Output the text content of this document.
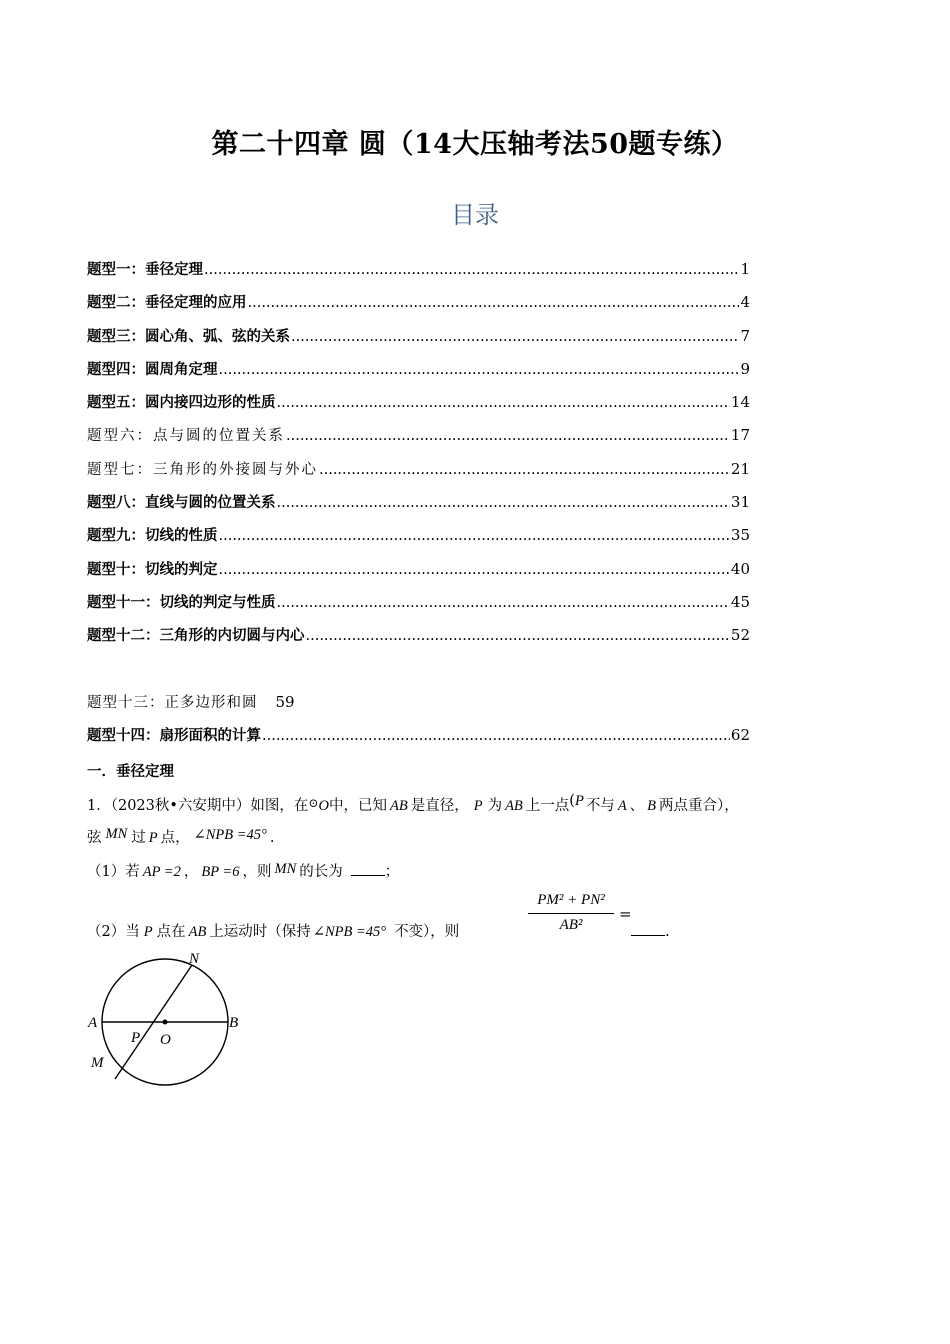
第二十四章 圆（14大压轴考法50题专练）
目录
题型一：垂径定理 .....	1
题型二：垂径定理的应用 .....	4
题型三：圆心角、弧、弦的关系 .....	7
题型四：圆周角定理 .....	9
题型五：圆内接四边形的性质 .....	14
题型六：点与圆的位置关系 .....	17
题型七：三角形的外接圆与外心 .....	21
题型八：直线与圆的位置关系 .....	31
题型九：切线的性质 .....	35
题型十：切线的判定 .....	40
题型十一：切线的判定与性质 .....	45
题型十二：三角形的内切圆与内心 .....	52
题型十三：正多边形和圆 59
题型十四：扇形面积的计算 .....	62
一．垂径定理
1．（2023秋•六安期中）如图，在⊙O中，已知 AB 是直径， P 为 AB 上一点(P 不与 A 、 B 两点重合），
弦 MN 过 P 点， ∠NPB =45° .
（1）若 AP =2 ， BP =6 ，则 MN 的长为	；
（2）当 P 点在 AB 上运动时（保持 ∠NPB =45° 不变），则	$\frac{\text{PM² + PN²}}{\text{AB²}}$ =
.
N
A	B
P O
M
